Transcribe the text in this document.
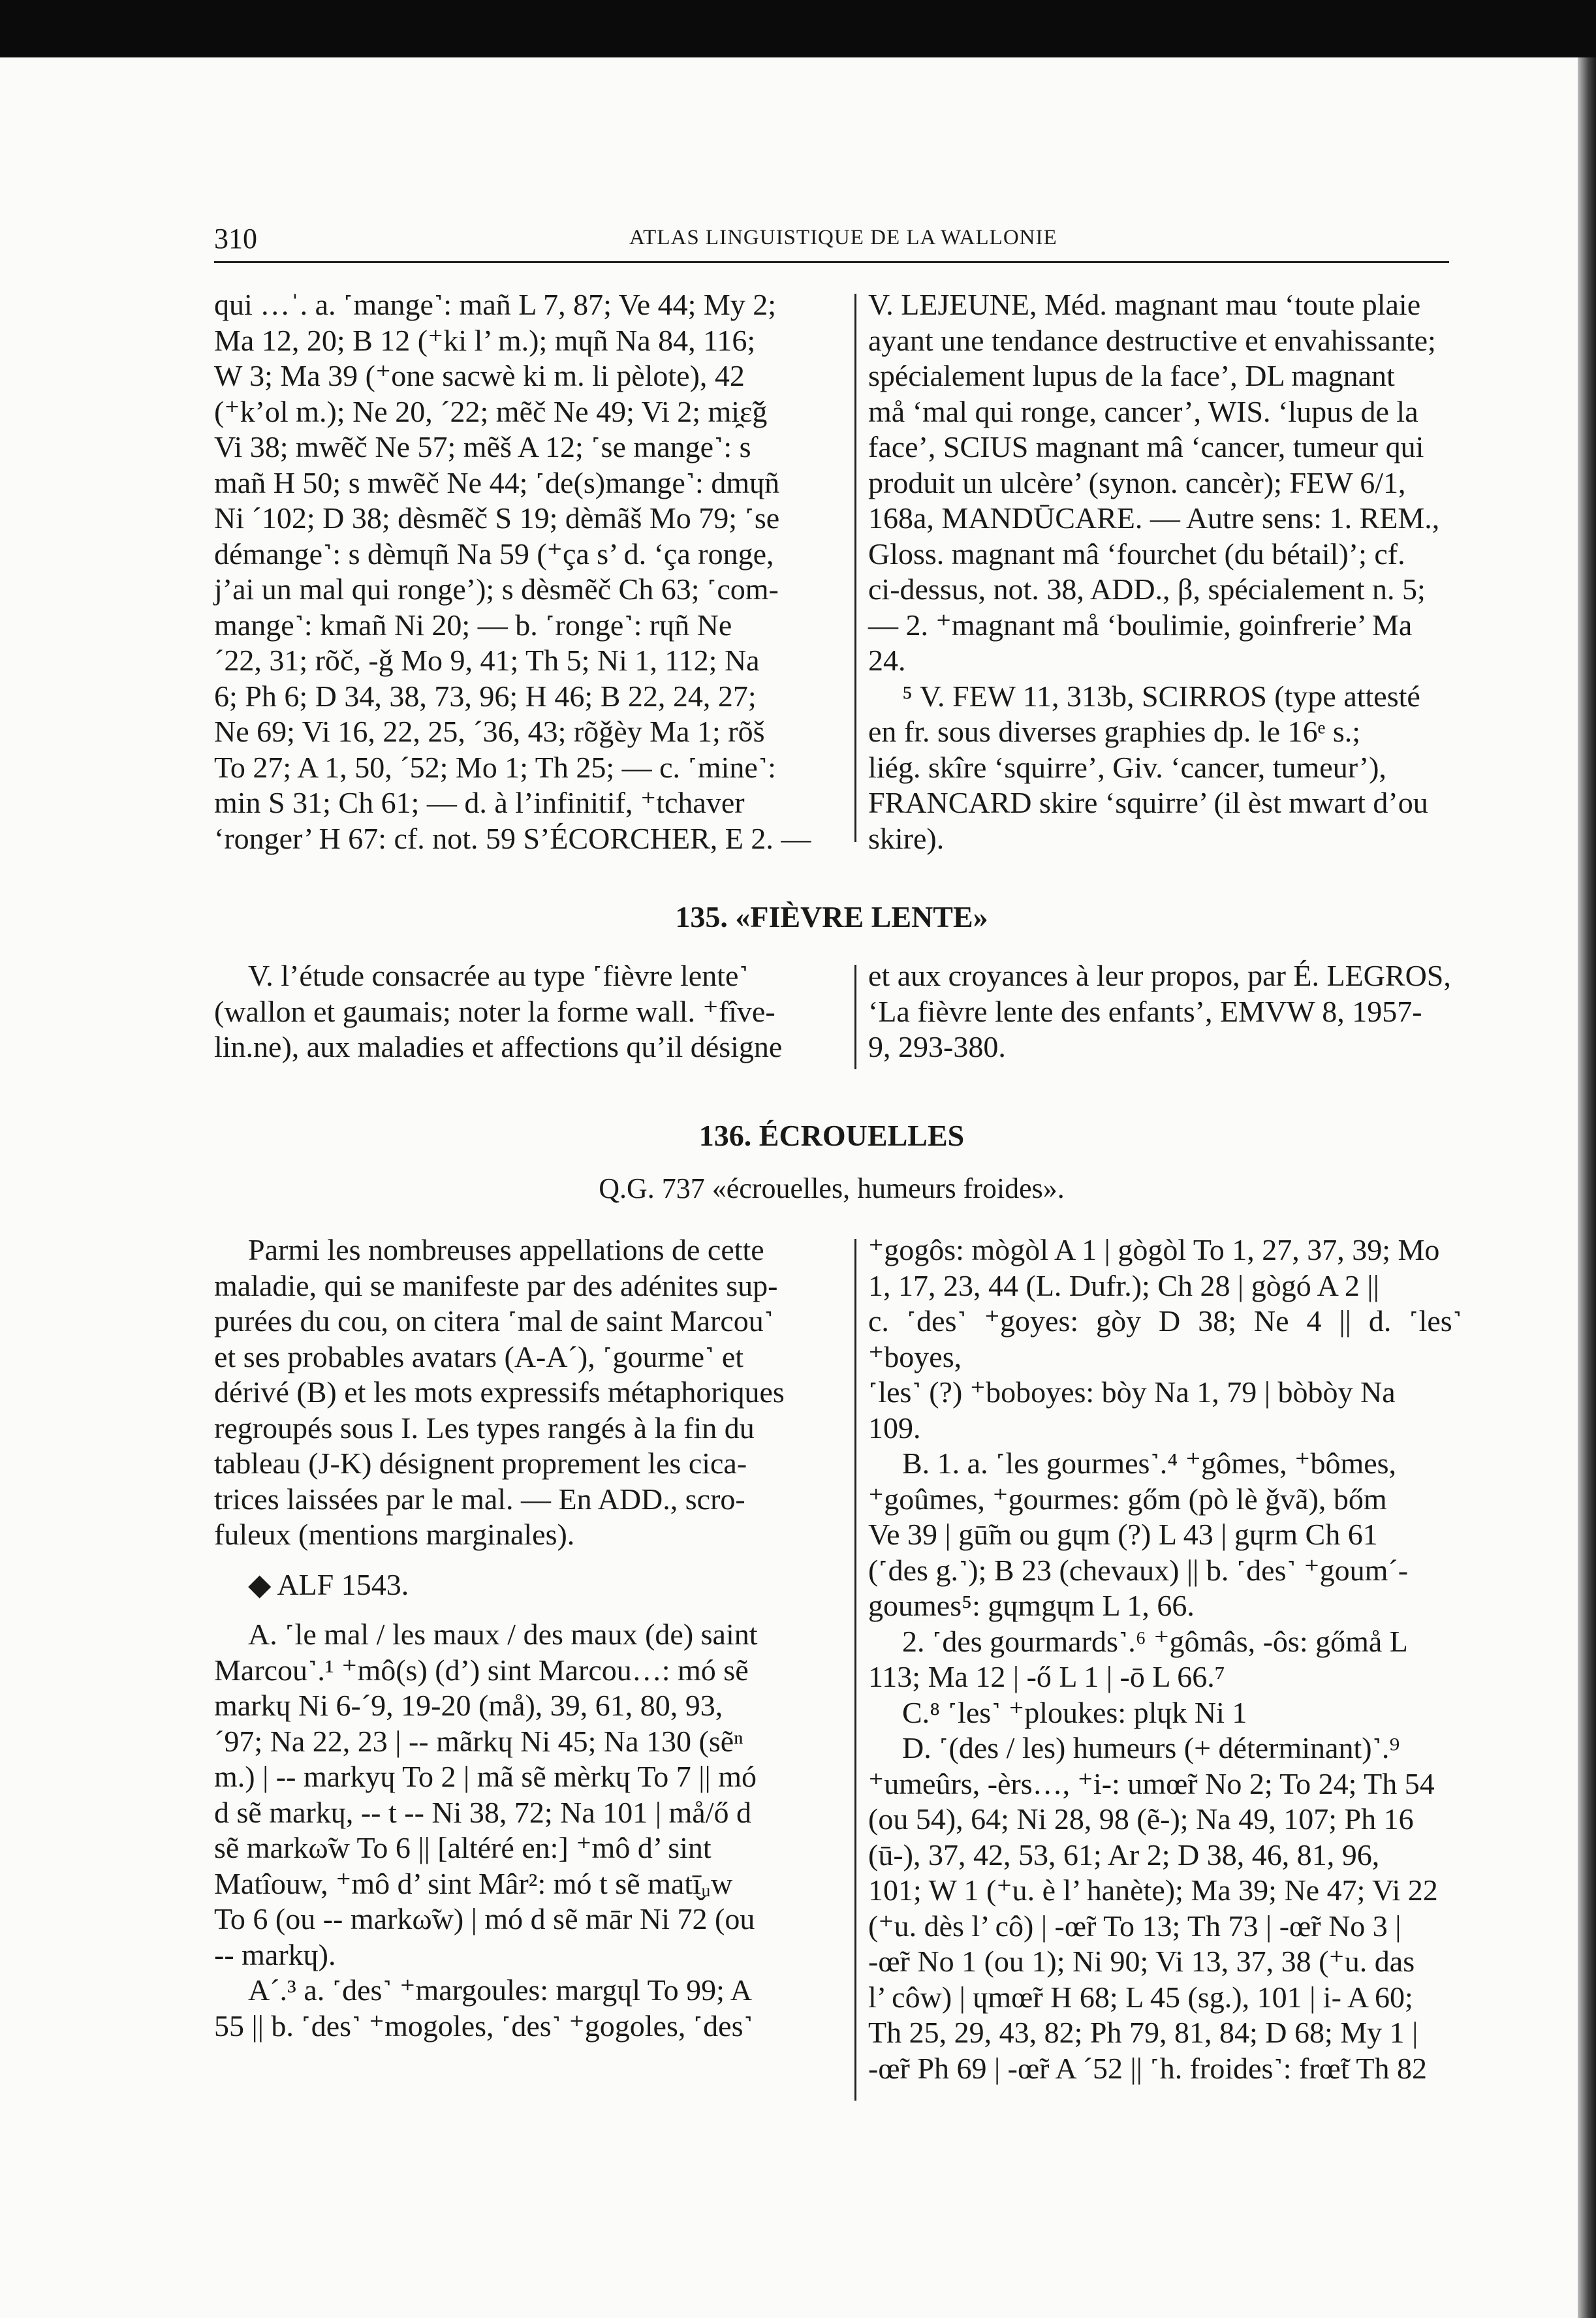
310	ATLAS LINGUISTIQUE DE LA WALLONIE

qui …ˈ. a. ˹mange˺: mañ L 7, 87; Ve 44; My 2;

Ma 12, 20; B 12 (⁺ki l’ m.); mɥñ Na 84, 116;

W 3; Ma 39 (⁺one sacwè ki m. li pèlote), 42

(⁺k’ol m.); Ne 20, ´22; mẽč Ne 49; Vi 2; mi̯ɛ̃ǧ

Vi 38; mwẽč Ne 57; mẽš A 12; ˹se mange˺: s

mañ H 50; s mwẽč Ne 44; ˹de(s)mange˺: dmɥñ

Ni ´102; D 38; dèsmẽč S 19; dèmãš Mo 79; ˹se

démange˺: s dèmɥñ Na 59 (⁺ça s’ d. ‘ça ronge,

j’ai un mal qui ronge’); s dèsmẽč Ch 63; ˹com-

mange˺: kmañ Ni 20; — b. ˹ronge˺: rɥñ Ne

´22, 31; rõč, -ǧ Mo 9, 41; Th 5; Ni 1, 112; Na

6; Ph 6; D 34, 38, 73, 96; H 46; B 22, 24, 27;

Ne 69; Vi 16, 22, 25, ´36, 43; rõǧèy Ma 1; rõš

To 27; A 1, 50, ´52; Mo 1; Th 25; — c. ˹mine˺:

min S 31; Ch 61; — d. à l’infinitif, ⁺tchaver

‘ronger’ H 67: cf. not. 59 S’ÉCORCHER, E 2. —

V. LEJEUNE, Méd. magnant mau ‘toute plaie

ayant une tendance destructive et envahissante;

spécialement lupus de la face’, DL magnant

må ‘mal qui ronge, cancer’, WIS. ‘lupus de la

face’, SCIUS magnant mâ ‘cancer, tumeur qui

produit un ulcère’ (synon. cancèr); FEW 6/1,

168a, MANDŪCARE. — Autre sens: 1. REM.,

Gloss. magnant mâ ‘fourchet (du bétail)’; cf.

ci-dessus, not. 38, ADD., β, spécialement n. 5;

— 2. ⁺magnant må ‘boulimie, goinfrerie’ Ma

24.

⁵ V. FEW 11, 313b, SCIRROS (type attesté

en fr. sous diverses graphies dp. le 16ᵉ s.;

liég. skîre ‘squirre’, Giv. ‘cancer, tumeur’),

FRANCARD skire ‘squirre’ (il èst mwart d’ou

skire).

135. «FIÈVRE LENTE»

V. l’étude consacrée au type ˹fièvre lente˺

(wallon et gaumais; noter la forme wall. ⁺fîve-

lin.ne), aux maladies et affections qu’il désigne

et aux croyances à leur propos, par É. LEGROS,

‘La fièvre lente des enfants’, EMVW 8, 1957-

9, 293-380.

136. ÉCROUELLES
Q.G. 737 «écrouelles, humeurs froides».

Parmi les nombreuses appellations de cette

maladie, qui se manifeste par des adénites sup-

purées du cou, on citera ˹mal de saint Marcou˺

et ses probables avatars (A-A´), ˹gourme˺ et

dérivé (B) et les mots expressifs métaphoriques

regroupés sous I. Les types rangés à la fin du

tableau (J-K) désignent proprement les cica-

trices laissées par le mal. — En ADD., scro-

fuleux (mentions marginales).

◆ ALF 1543.

A. ˹le mal / les maux / des maux (de) saint

Marcou˺.¹ ⁺mô(s) (d’) sint Marcou…: mó sẽ

markɥ Ni 6-´9, 19-20 (må), 39, 61, 80, 93,

´97; Na 22, 23 | -- mãrkɥ Ni 45; Na 130 (sẽⁿ

m.) | -- markyɥ To 2 | mã sẽ mèrkɥ To 7 || mó

d sẽ markɥ, -- t -- Ni 38, 72; Na 101 | må/ő d

sẽ markω̃w To 6 || [altéré en:] ⁺mô d’ sint

Matîouw, ⁺mô d’ sint Mâr²: mó t sẽ matī̬ᵤw

To 6 (ou -- markω̃w) | mó d sẽ mār Ni 72 (ou

-- markɥ).

A´.³ a. ˹des˺ ⁺margoules: margɥl To 99; A

55 || b. ˹des˺ ⁺mogoles, ˹des˺ ⁺gogoles, ˹des˺

⁺gogôs: mògòl A 1 | gògòl To 1, 27, 37, 39; Mo

1, 17, 23, 44 (L. Dufr.); Ch 28 | gògó A 2 ||

c. ˹des˺ ⁺goyes: gòy D 38; Ne 4 || d. ˹les˺ ⁺boyes,

˹les˺ (?) ⁺boboyes: bòy Na 1, 79 | bòbòy Na

109.

B. 1. a. ˹les gourmes˺.⁴ ⁺gômes, ⁺bômes,

⁺goûmes, ⁺gourmes: gőm (pò lè ǧvã), bőm

Ve 39 | gū̃m ou gɥm (?) L 43 | gɥrm Ch 61

(˹des g.˺); B 23 (chevaux) || b. ˹des˺ ⁺goum´-

goumes⁵: gɥmgɥm L 1, 66.

2. ˹des gourmards˺.⁶ ⁺gômâs, -ôs: gőmå L

113; Ma 12 | -ő L 1 | -ō L 66.⁷

C.⁸ ˹les˺ ⁺ploukes: plɥk Ni 1

D. ˹(des / les) humeurs (+ déterminant)˺.⁹

⁺umeûrs, -èrs…, ⁺i-: umœ̃r No 2; To 24; Th 54

(ou 54), 64; Ni 28, 98 (ẽ-); Na 49, 107; Ph 16

(ū-), 37, 42, 53, 61; Ar 2; D 38, 46, 81, 96,

101; W 1 (⁺u. è l’ hanète); Ma 39; Ne 47; Vi 22

(⁺u. dès l’ cô) | -œ̃r To 13; Th 73 | -œ̃r No 3 |

-œ̃r No 1 (ou 1); Ni 90; Vi 13, 37, 38 (⁺u. das

l’ côw) | ɥmœ̃r H 68; L 45 (sg.), 101 | i- A 60;

Th 25, 29, 43, 82; Ph 79, 81, 84; D 68; My 1 |

-œ̃r Ph 69 | -œ̃r A ´52 || ˹h. froides˺: frœ̃t Th 82
